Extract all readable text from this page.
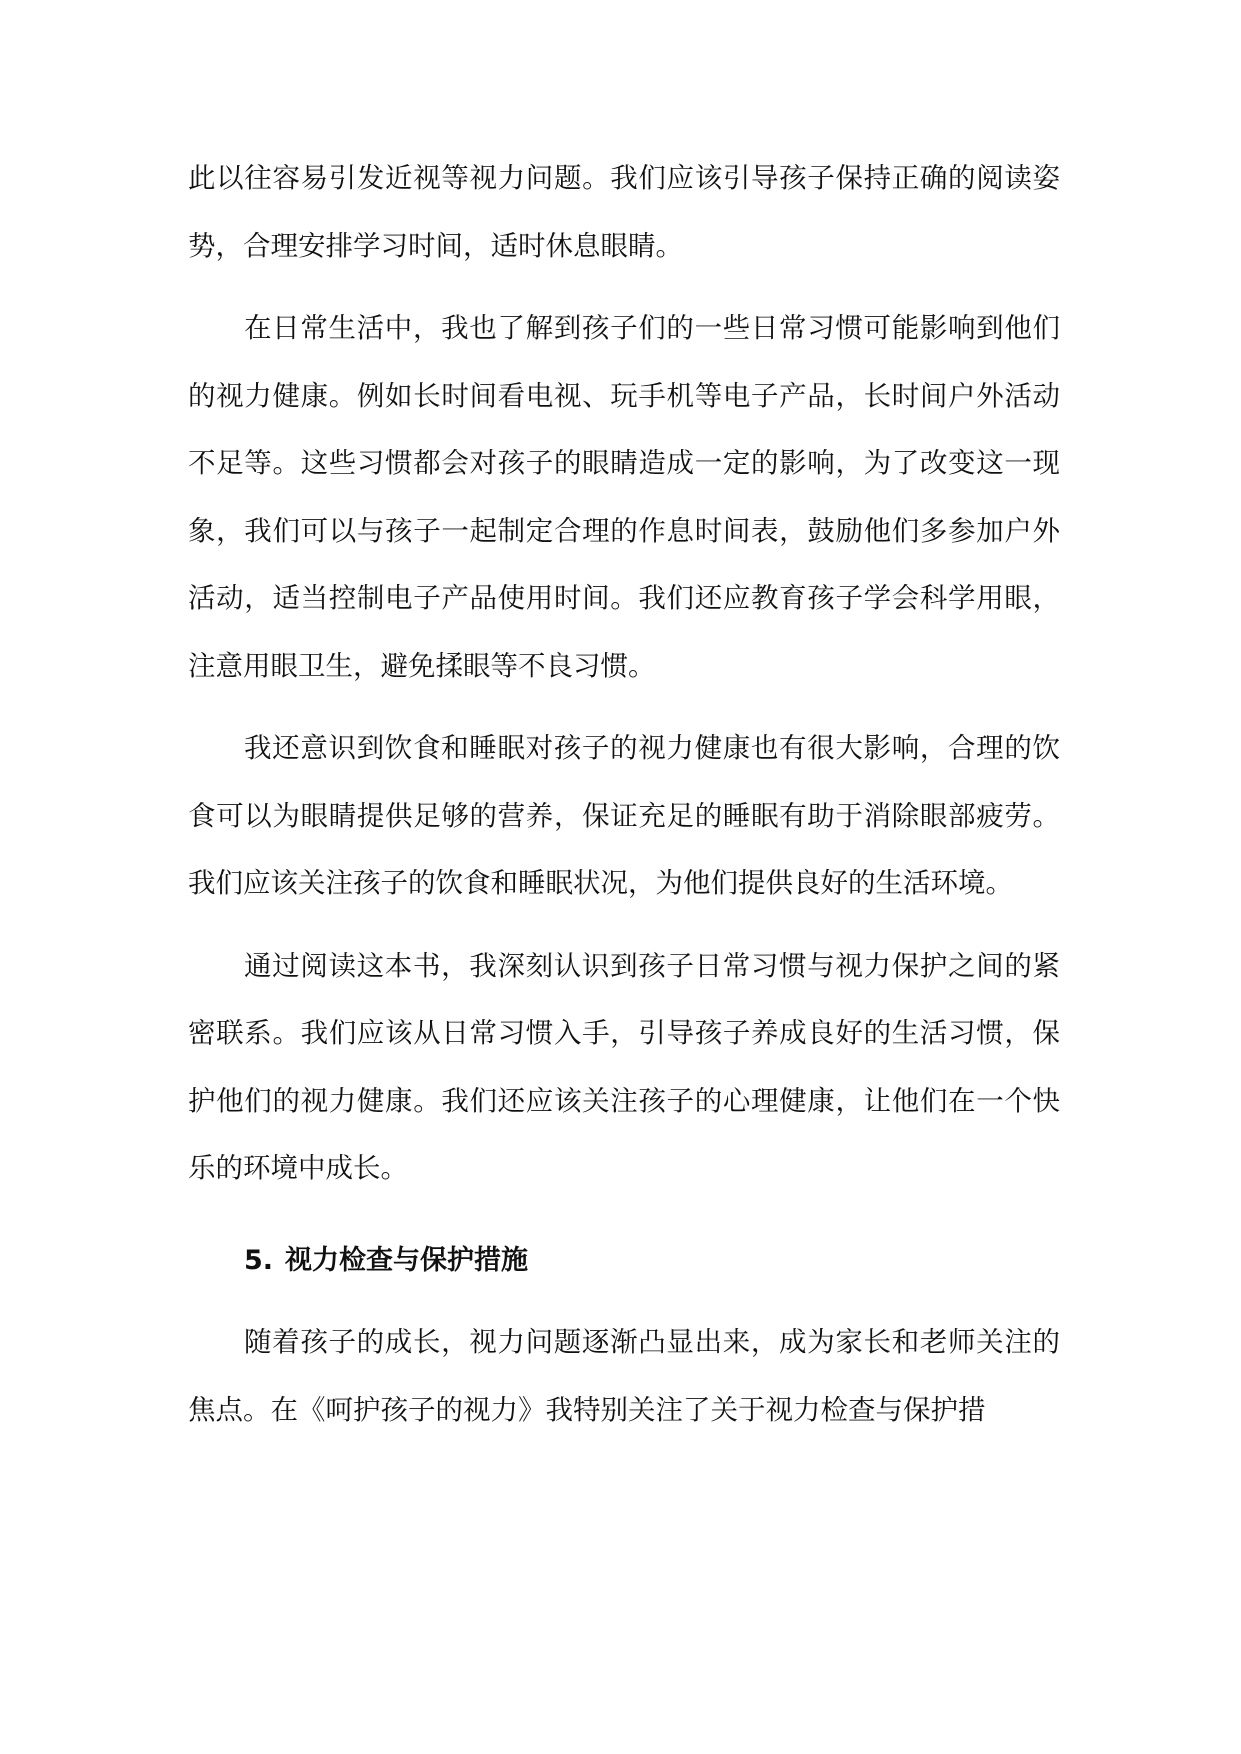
此以往容易引发近视等视力问题。我们应该引导孩子保持正确的阅读姿势，合理安排学习时间，适时休息眼睛。

在日常生活中，我也了解到孩子们的一些日常习惯可能影响到他们的视力健康。例如长时间看电视、玩手机等电子产品，长时间户外活动不足等。这些习惯都会对孩子的眼睛造成一定的影响，为了改变这一现象，我们可以与孩子一起制定合理的作息时间表，鼓励他们多参加户外活动，适当控制电子产品使用时间。我们还应教育孩子学会科学用眼，注意用眼卫生，避免揉眼等不良习惯。

我还意识到饮食和睡眠对孩子的视力健康也有很大影响，合理的饮食可以为眼睛提供足够的营养，保证充足的睡眠有助于消除眼部疲劳。我们应该关注孩子的饮食和睡眠状况，为他们提供良好的生活环境。

通过阅读这本书，我深刻认识到孩子日常习惯与视力保护之间的紧密联系。我们应该从日常习惯入手，引导孩子养成良好的生活习惯，保护他们的视力健康。我们还应该关注孩子的心理健康，让他们在一个快乐的环境中成长。

5. 视力检查与保护措施

随着孩子的成长，视力问题逐渐凸显出来，成为家长和老师关注的焦点。在《呵护孩子的视力》我特别关注了关于视力检查与保护措
